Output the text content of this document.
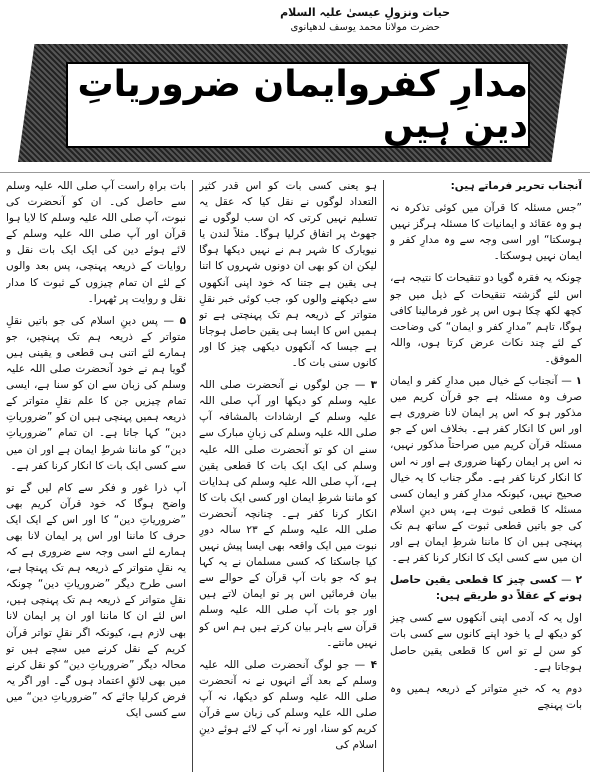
حیات ونزولِ عیسیٰ علیہ السلام
حضرت مولانا محمد یوسف لدھیانوی
مدارِ کفروایمان ضروریاتِ دین ہیں

آنجناب تحریر فرماتے ہیں:

”جس مسئلہ کا قرآن میں کوئی تذکرہ نہ ہو وہ عقائد و ایمانیات کا مسئلہ ہرگز نہیں ہوسکتا“ اور اسی وجہ سے وہ مدارِ کفر و ایمان نہیں ہوسکتا۔

چونکہ یہ فقرہ گویا دو تنقیحات کا نتیجہ ہے، اس لئے گزشتہ تنقیحات کے ذیل میں جو کچھ لکھ چکا ہوں اس پر غور فرمالینا کافی ہوگا، تاہم ”مدارِ کفر و ایمان“ کی وضاحت کے لئے چند نکات عرض کرتا ہوں، واللہ الموفق۔

۱ — آنجناب کے خیال میں مدارِ کفر و ایمان صرف وہ مسئلہ ہے جو قرآن کریم میں مذکور ہو کہ اس پر ایمان لانا ضروری ہے اور اس کا انکار کفر ہے۔ بخلاف اس کے جو مسئلہ قرآن کریم میں صراحتاً مذکور نہیں، نہ اس پر ایمان رکھنا ضروری ہے اور نہ اس کا انکار کرنا کفر ہے۔ مگر جناب کا یہ خیال صحیح نہیں، کیونکہ مدارِ کفر و ایمان کسی مسئلہ کا قطعی ثبوت ہے، پس دینِ اسلام کی جو باتیں قطعی ثبوت کے ساتھ ہم تک پہنچی ہیں ان کا ماننا شرطِ ایمان ہے اور ان میں سے کسی ایک کا انکار کرنا کفر ہے۔

۲ — کسی چیز کا قطعی یقین حاصل ہونے کے عقلاً دو طریقے ہیں:

اول یہ کہ آدمی اپنی آنکھوں سے کسی چیز کو دیکھ لے یا خود اپنے کانوں سے کسی بات کو سن لے تو اس کا قطعی یقین حاصل ہوجاتا ہے۔

دوم یہ کہ خبرِ متواتر کے ذریعہ ہمیں وہ بات پہنچے

ہو یعنی کسی بات کو اس قدر کثیر التعداد لوگوں نے نقل کیا کہ عقل یہ تسلیم نہیں کرتی کہ ان سب لوگوں نے جھوٹ پر اتفاق کرلیا ہوگا۔ مثلاً لندن یا نیویارک کا شہر ہم نے نہیں دیکھا ہوگا لیکن ان کو بھی ان دونوں شہروں کا اتنا ہی یقین ہے جتنا کہ خود اپنی آنکھوں سے دیکھنے والوں کو، جب کوئی خبر نقلِ متواتر کے ذریعہ ہم تک پہنچتی ہے تو ہمیں اس کا ایسا ہی یقین حاصل ہوجاتا ہے جیسا کہ آنکھوں دیکھی چیز کا اور کانوں سنی بات کا۔

۳ — جن لوگوں نے آنحضرت صلی اللہ علیہ وسلم کو دیکھا اور آپ صلی اللہ علیہ وسلم کے ارشادات بالمشافہ آپ صلی اللہ علیہ وسلم کی زبانِ مبارک سے سنے ان کو تو آنحضرت صلی اللہ علیہ وسلم کی ایک ایک بات کا قطعی یقین ہے، آپ صلی اللہ علیہ وسلم کی ہدایات کو ماننا شرطِ ایمان اور کسی ایک بات کا انکار کرنا کفر ہے۔ چنانچہ آنحضرت صلی اللہ علیہ وسلم کے ۲۳ سالہ دورِ نبوت میں ایک واقعہ بھی ایسا پیش نہیں کیا جاسکتا کہ کسی مسلمان نے یہ کہا ہو کہ جو بات آپ قرآن کے حوالے سے بیان فرمائیں اس پر تو ایمان لاتے ہیں اور جو بات آپ صلی اللہ علیہ وسلم قرآن سے باہر بیان کرتے ہیں ہم اس کو نہیں مانتے۔

۴ — جو لوگ آنحضرت صلی اللہ علیہ وسلم کے بعد آئے انہوں نے نہ آنحضرت صلی اللہ علیہ وسلم کو دیکھا، نہ آپ صلی اللہ علیہ وسلم کی زبان سے قرآن کریم کو سنا، اور نہ آپ کے لائے ہوئے دینِ اسلام کی

بات براہِ راست آپ صلی اللہ علیہ وسلم سے حاصل کی۔ ان کو آنحضرت کی نبوت، آپ صلی اللہ علیہ وسلم کا لایا ہوا قرآن اور آپ صلی اللہ علیہ وسلم کے لائے ہوئے دین کی ایک ایک بات نقل و روایات کے ذریعہ پہنچی، پس بعد والوں کے لئے ان تمام چیزوں کے ثبوت کا مدار نقل و روایت پر ٹھہرا۔

۵ — پس دینِ اسلام کی جو باتیں نقلِ متواتر کے ذریعہ ہم تک پہنچیں، جو ہمارے لئے اتنی ہی قطعی و یقینی ہیں گویا ہم نے خود آنحضرت صلی اللہ علیہ وسلم کی زبان سے ان کو سنا ہے، ایسی تمام چیزیں جن کا علم نقلِ متواتر کے ذریعہ ہمیں پہنچی ہیں ان کو ”ضروریاتِ دین“ کہا جاتا ہے۔ ان تمام ”ضروریاتِ دین“ کو ماننا شرطِ ایمان ہے اور ان میں سے کسی ایک بات کا انکار کرنا کفر ہے۔

آپ ذرا غور و فکر سے کام لیں گے تو واضح ہوگا کہ خود قرآن کریم بھی ”ضروریاتِ دین“ کا اور اس کے ایک ایک حرف کا ماننا اور اس پر ایمان لانا بھی ہمارے لئے اسی وجہ سے ضروری ہے کہ یہ نقلِ متواتر کے ذریعہ ہم تک پہنچا ہے، اسی طرح دیگر ”ضروریاتِ دین“ چونکہ نقلِ متواتر کے ذریعہ ہم تک پہنچی ہیں، اس لئے ان کا ماننا اور ان پر ایمان لانا بھی لازم ہے، کیونکہ اگر نقلِ تواتر قرآن کریم کے نقل کرنے میں سچے ہیں تو محالہ دیگر ”ضروریاتِ دین“ کو نقل کرنے میں بھی لائقِ اعتماد ہوں گے۔ اور اگر یہ فرض کرلیا جائے کہ ”ضروریاتِ دین“ میں سے کسی ایک
